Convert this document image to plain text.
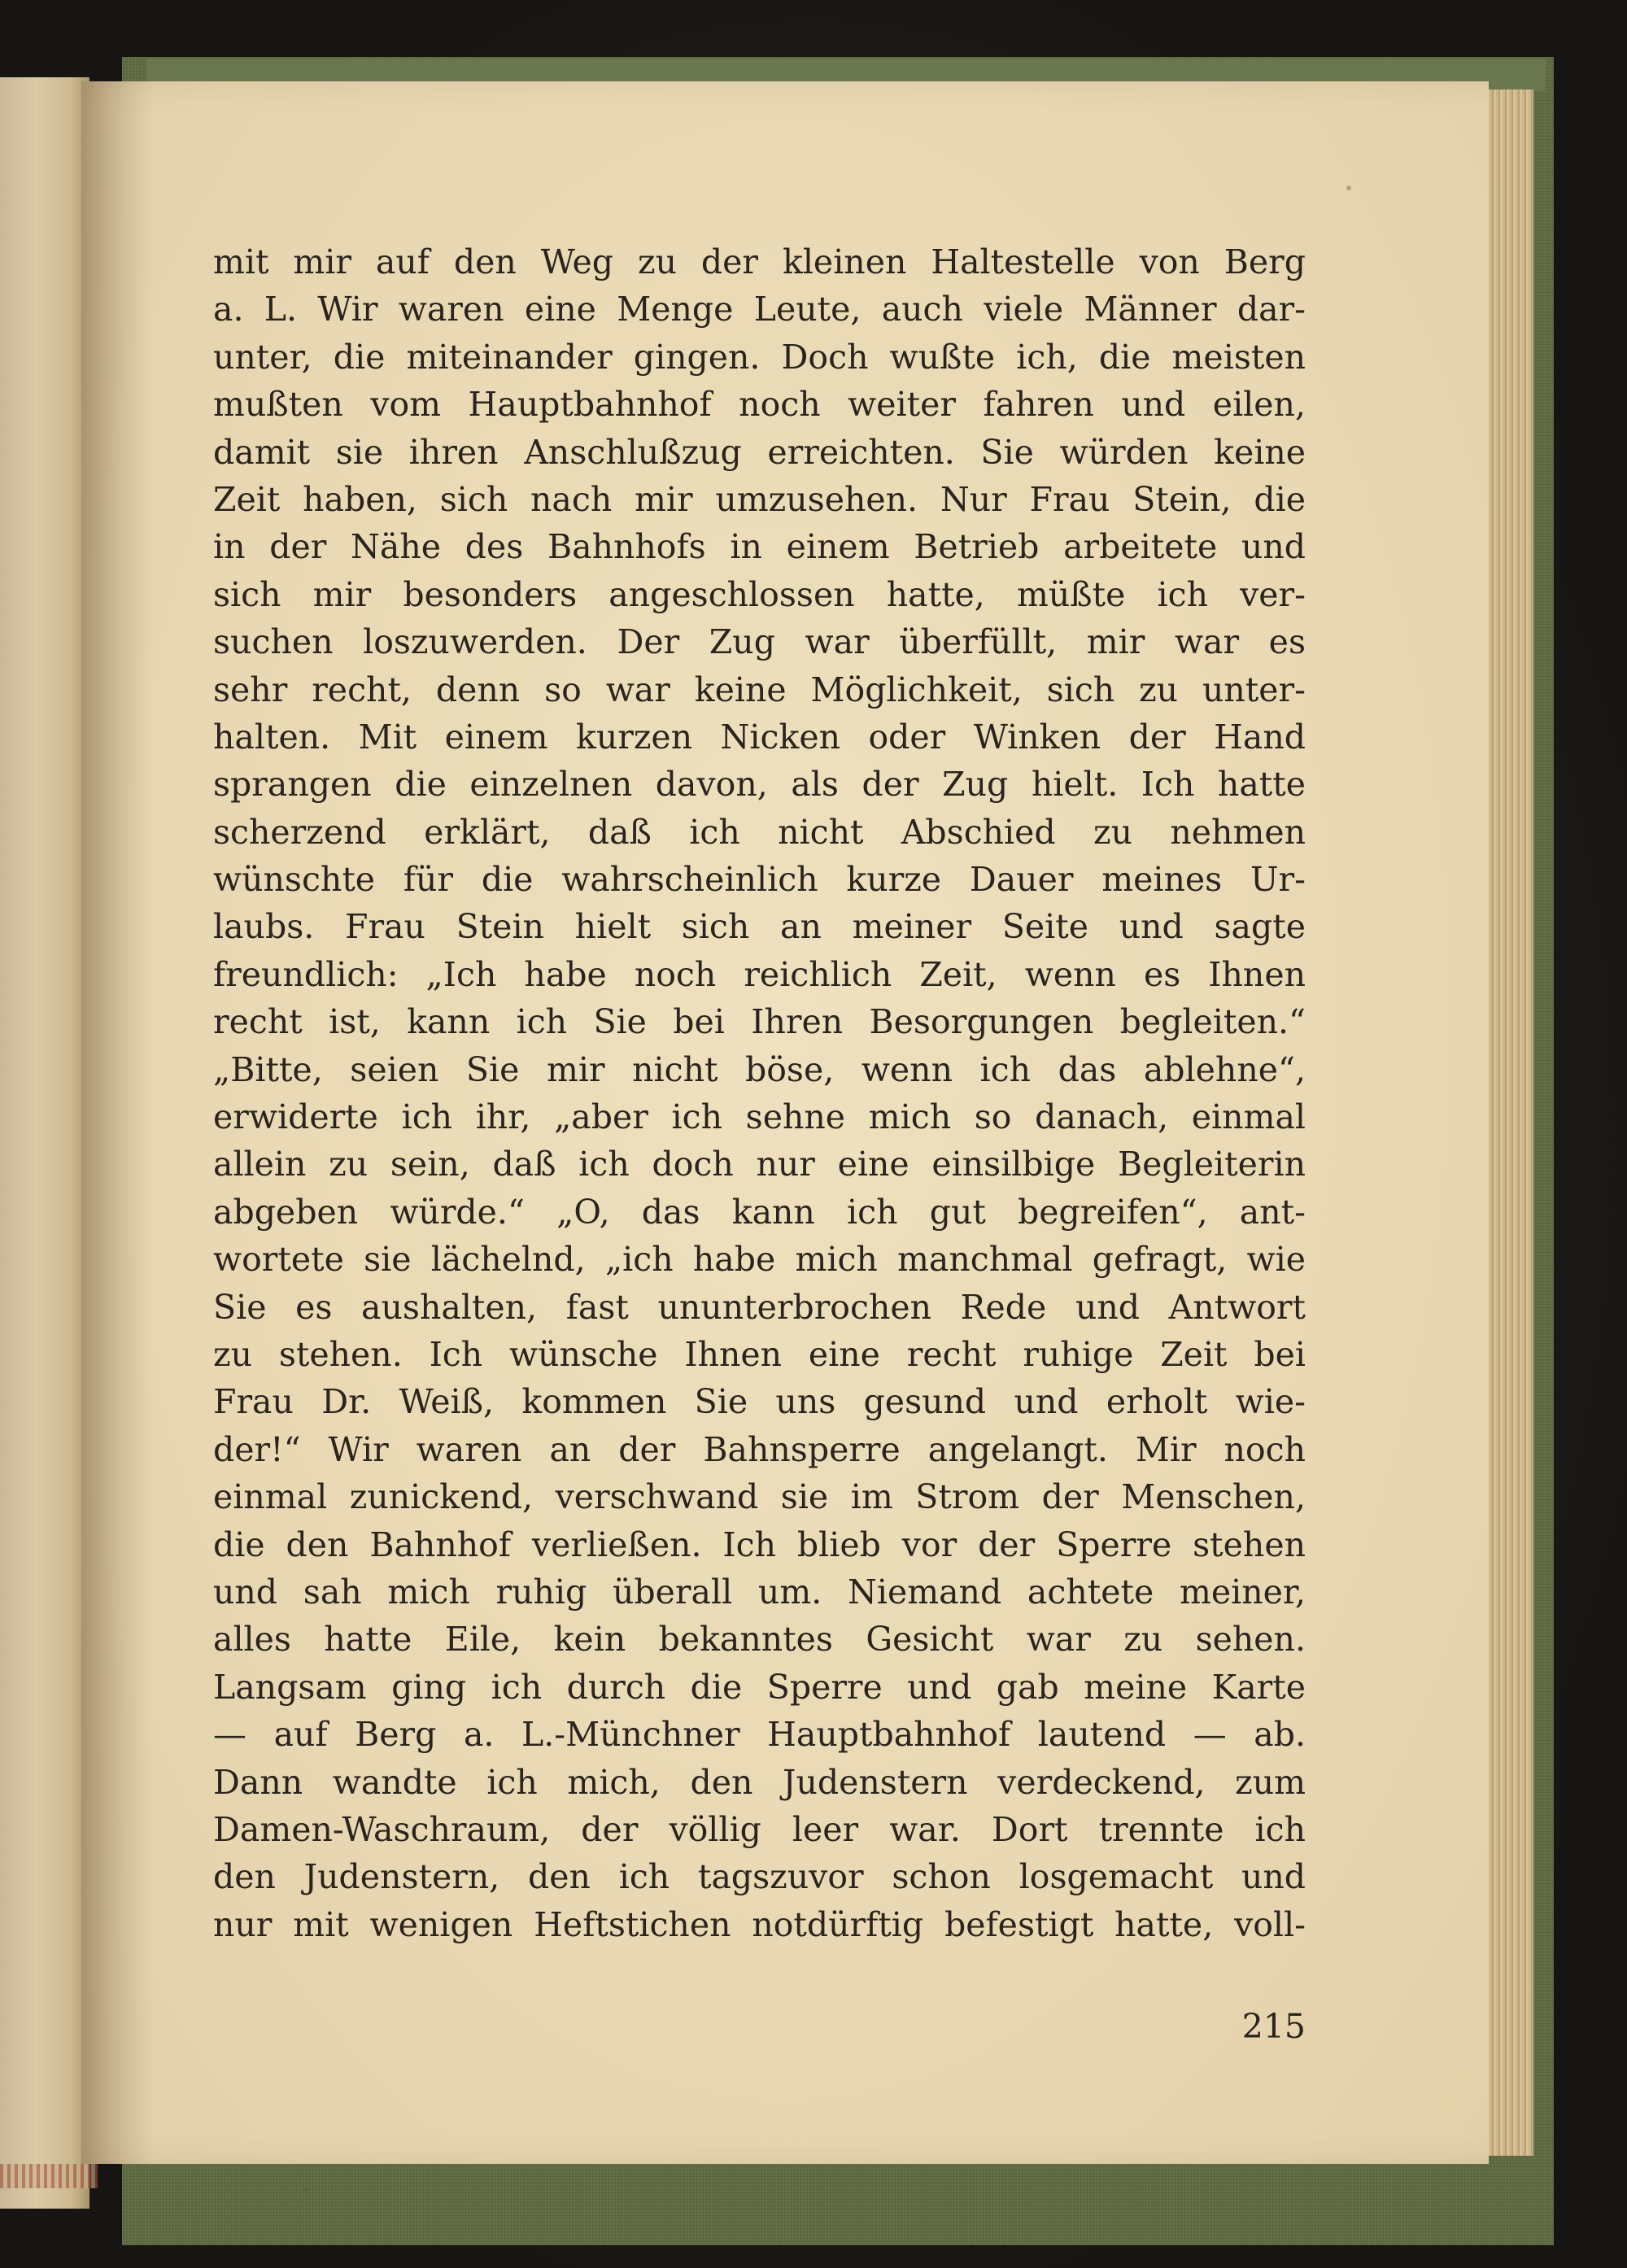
mit mir auf den Weg zu der kleinen Haltestelle von Berg
a. L. Wir waren eine Menge Leute, auch viele Männer dar-
unter, die miteinander gingen. Doch wußte ich, die meisten
mußten vom Hauptbahnhof noch weiter fahren und eilen,
damit sie ihren Anschlußzug erreichten. Sie würden keine
Zeit haben, sich nach mir umzusehen. Nur Frau Stein, die
in der Nähe des Bahnhofs in einem Betrieb arbeitete und
sich mir besonders angeschlossen hatte, müßte ich ver-
suchen loszuwerden. Der Zug war überfüllt, mir war es
sehr recht, denn so war keine Möglichkeit, sich zu unter-
halten. Mit einem kurzen Nicken oder Winken der Hand
sprangen die einzelnen davon, als der Zug hielt. Ich hatte
scherzend erklärt, daß ich nicht Abschied zu nehmen
wünschte für die wahrscheinlich kurze Dauer meines Ur-
laubs. Frau Stein hielt sich an meiner Seite und sagte
freundlich: „Ich habe noch reichlich Zeit, wenn es Ihnen
recht ist, kann ich Sie bei Ihren Besorgungen begleiten.“
„Bitte, seien Sie mir nicht böse, wenn ich das ablehne“,
erwiderte ich ihr, „aber ich sehne mich so danach, einmal
allein zu sein, daß ich doch nur eine einsilbige Begleiterin
abgeben würde.“ „O, das kann ich gut begreifen“, ant-
wortete sie lächelnd, „ich habe mich manchmal gefragt, wie
Sie es aushalten, fast ununterbrochen Rede und Antwort
zu stehen. Ich wünsche Ihnen eine recht ruhige Zeit bei
Frau Dr. Weiß, kommen Sie uns gesund und erholt wie-
der!“ Wir waren an der Bahnsperre angelangt. Mir noch
einmal zunickend, verschwand sie im Strom der Menschen,
die den Bahnhof verließen. Ich blieb vor der Sperre stehen
und sah mich ruhig überall um. Niemand achtete meiner,
alles hatte Eile, kein bekanntes Gesicht war zu sehen.
Langsam ging ich durch die Sperre und gab meine Karte
— auf Berg a. L.-Münchner Hauptbahnhof lautend — ab.
Dann wandte ich mich, den Judenstern verdeckend, zum
Damen-Waschraum, der völlig leer war. Dort trennte ich
den Judenstern, den ich tagszuvor schon losgemacht und
nur mit wenigen Heftstichen notdürftig befestigt hatte, voll-
215
